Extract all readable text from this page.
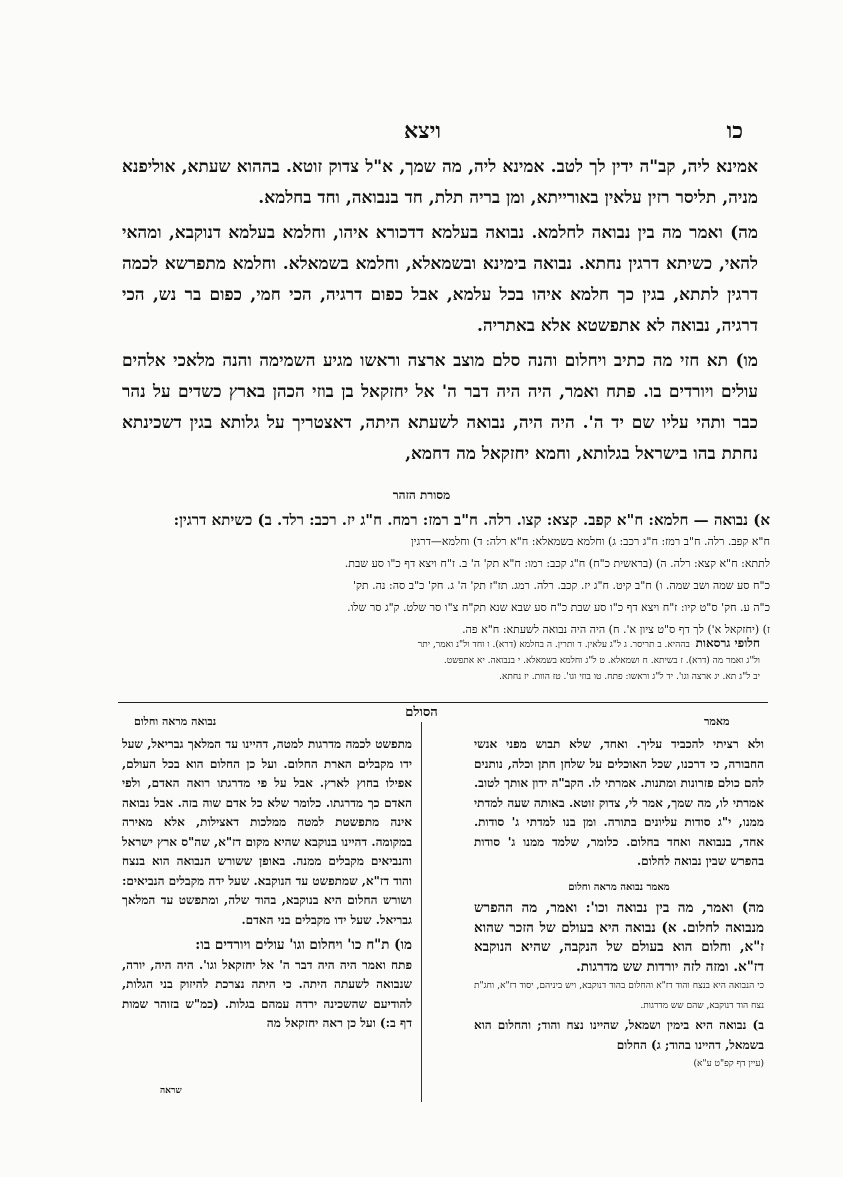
ויצא	כו

אמינא ליה, קב"ה ידין לך לטב. אמינא ליה, מה שמך, א"ל צדוק זוטא. בההוא שעתא, אוליפנא מניה, תליסר רזין עלאין באורייתא, ומן בריה תלת, חד בנבואה, וחד בחלמא.

מה) ואמר מה בין נבואה לחלמא. נבואה בעלמא דדכורא איהו, וחלמא בעלמא דנוקבא, ומהאי להאי, כשיתא דרגין נחתא. נבואה בימינא ובשמאלא, וחלמא בשמאלא. וחלמא מתפרשא לכמה דרגין לתתא, בגין כך חלמא איהו בכל עלמא, אבל כפום דרגיה, הכי חמי, כפום בר נש, הכי דרגיה, נבואה לא אתפשטא אלא באתריה.

מו) תא חזי מה כתיב ויחלום והנה סלם מוצב ארצה וראשו מגיע השמימה והנה מלאכי אלהים עולים ויורדים בו. פתח ואמר, היה היה דבר ה' אל יחזקאל בן בוזי הכהן בארץ כשדים על נהר כבר ותהי עליו שם יד ה'. היה היה, נבואה לשעתא היתה, דאצטריך על גלותא בגין דשכינתא נחתת בהו בישראל בגלותא, וחמא יחזקאל מה דחמא,

מסורת הזהר
א) נבואה — חלמא: ח"א קפב. קצא: קצו. רלה. ח"ב רמז: רמח. ח"ג יז. רכב: רלד. ב) כשיתא דרגין:
ח"א קפב. רלה. ח"ב רמז: ח"ג רכב: ג) וחלמא בשמאלא: ח"א רלה: ד) וחלמא—דרגין
לתתא: ח"א קצא: רלה. ה) (בראשית כ"ח) ח"ג קכב: רמו: ח"א תק' ה' ב. ז"ח ויצא דף כ"ו סע שבת.
כ"ח סע שמה ושב שמה. ו) ח"ב קיט. ח"ג יז. קכב. רלה. רמג. תז"ז תק' ה' ג. חק' כ"ב סה: נה. תק'
כ"ה ע. חק' ס"ט קיו: ז"ח ויצא דף כ"ו סע שבת כ"ח סע שבא שנא תק"ח צ"ו סר שלט. ק"ג סר שלו.
ז) (יחזקאל א') לך דף ס"ט ציון א'. ח) היה היה נבואה לשעתא: ח"א פה.
חלופי גרסאות  בההיא. ב תריסר. ג ל"ג עלאין. ד ותרין. ה בחלמא (דרא). ו וחד ול"נ ואמר, יתר
ול"ג ואמר מה (דרא). ז בשיתא. ח ושמאלא. ט ל"ג וחלמא בשמאלא. י בנבואה. יא אתפשט.
יב ל"ג תא. יג ארצה וגו'. יד ל"ג וראשו: פתח. טו בוזי וגו'. טז הוות. יז נחתא.
הסולם
מאמר
נבואה מראה וחלום

ולא רציתי להכביד עליך. ואחד, שלא תבוש מפני אנשי החבורה, כי דרכנו, שכל האוכלים על שלחן חתן וכלה, נותנים להם כולם פזרונות ומתנות. אמרתי לו. הקב"ה ידון אותך לטוב. אמרתי לו, מה שמך, אמר לי, צדוק זוטא. באותה שעה למדתי ממנו, י"ג סודות עליונים בתורה. ומן בנו למדתי ג' סודות. אחד, בנבואה ואחד בחלום. כלומר, שלמד ממנו ג' סודות בהפרש שבין נבואה לחלום.

מאמר נבואה מראה וחלום

מה) ואמר, מה בין נבואה וכו': ואמר, מה ההפרש מנבואה לחלום. א) נבואה היא בעולם של הזכר שהוא ז"א, וחלום הוא בעולם של הנקבה, שהיא הנוקבא דז"א. ומזה לזה יורדות שש מדרגות.

כי הנבואה היא בנצח והוד דז"א והחלום בהוד דנוקבא, ויש ביניהם, יסוד דז"א, וחג"ת נצח הוד דנוקבא, שהם שש מדרגות.

ב) נבואה היא בימין ושמאל, שהיינו נצח והוד; והחלום הוא בשמאל, דהיינו בהוד; ג) החלום

(עיין דף קפ"ט ע"א)

מתפשט לכמה מדרגות למטה, דהיינו עד המלאך גבריאל, שעל ידו מקבלים הארת החלום. ועל כן החלום הוא בכל העולם, אפילו בחוץ לארץ. אבל על פי מדרגתו רואה האדם, ולפי האדם כך מדרגתו. כלומר שלא כל אדם שוה בזה. אבל נבואה אינה מתפשטת למטה ממלכות דאצילות, אלא מאירה במקומה. דהיינו בנוקבא שהיא מקום דז"א, שה"ס ארץ ישראל והנביאים מקבלים ממנה. באופן ששורש הנבואה הוא בנצח והוד דז"א, שמתפשט עד הנוקבא. שעל ידה מקבלים הנביאים: ושורש החלום היא בנוקבא, בהוד שלה, ומתפשט עד המלאך גבריאל. שעל ידו מקבלים בני האדם.

מו) ת"ח כו' ויחלום וגו' עולים ויורדים בו:

פתח ואמר היה היה דבר ה' אל יחזקאל וגו'. היה היה, יורה, שנבואה לשעתה היתה. כי היתה נצרכת להיזוק בני הגלות, להודיעם שהשכינה ירדה עמהם בגלות. (כמ"ש בזוהר שמות דף ב:) ועל כן ראה יחזקאל מה

שראה
